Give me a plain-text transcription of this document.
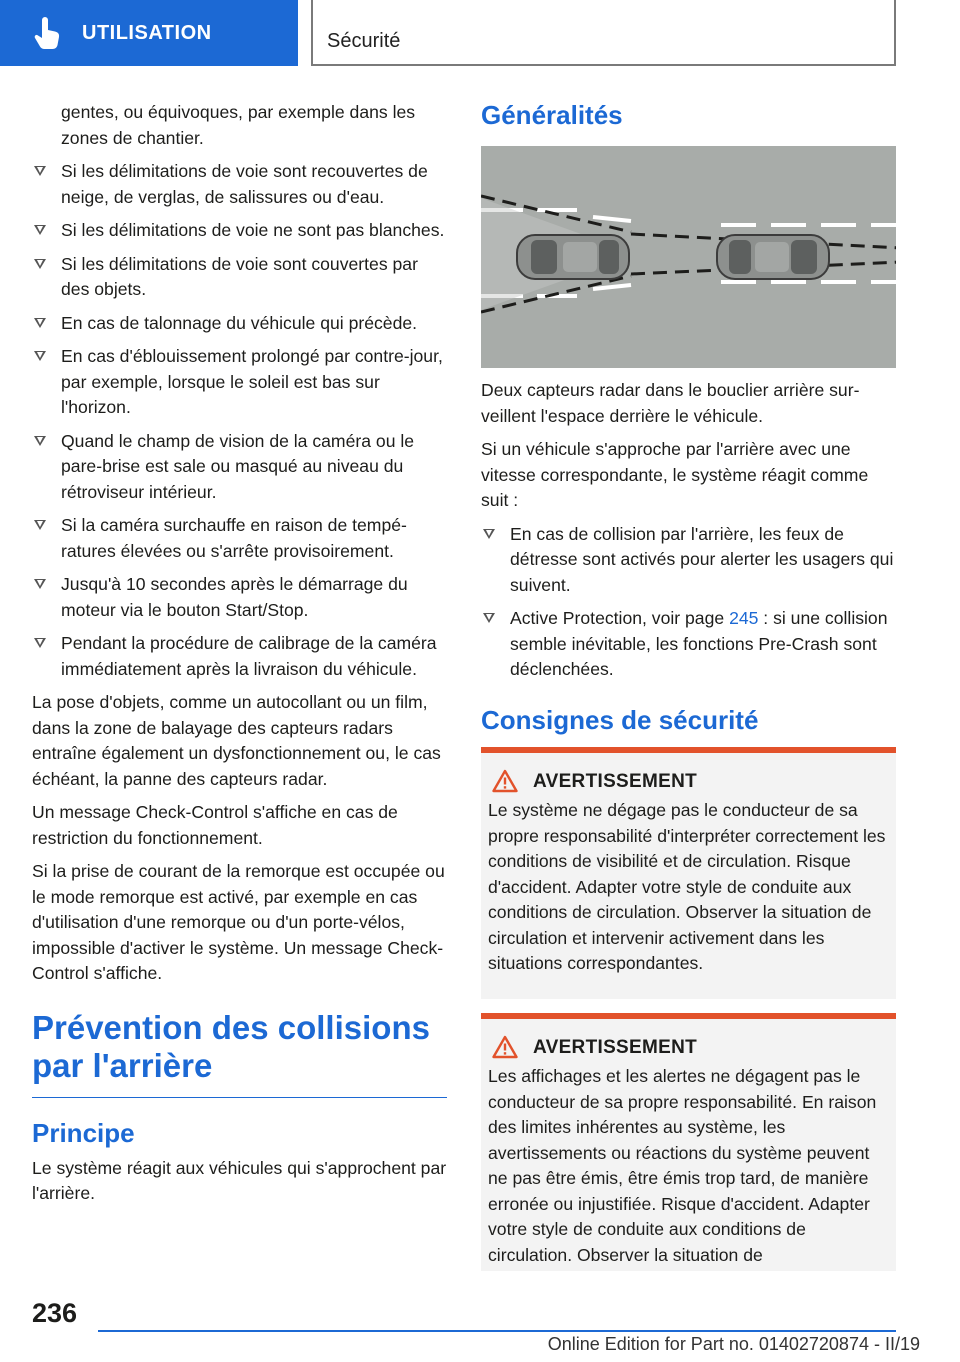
UTILISATION	Sécurité
gentes, ou équivoques, par exemple dans les zones de chantier.
Si les délimitations de voie sont recouvertes de neige, de verglas, de salissures ou d'eau.
Si les délimitations de voie ne sont pas blanches.
Si les délimitations de voie sont couvertes par des objets.
En cas de talonnage du véhicule qui précède.
En cas d'éblouissement prolongé par contre-jour, par exemple, lorsque le soleil est bas sur l'horizon.
Quand le champ de vision de la caméra ou le pare-brise est sale ou masqué au niveau du rétroviseur intérieur.
Si la caméra surchauffe en raison de températures élevées ou s'arrête provisoirement.
Jusqu'à 10 secondes après le démarrage du moteur via le bouton Start/Stop.
Pendant la procédure de calibrage de la caméra immédiatement après la livraison du véhicule.
La pose d'objets, comme un autocollant ou un film, dans la zone de balayage des capteurs radars entraîne également un dysfonctionnement ou, le cas échéant, la panne des capteurs radar.
Un message Check-Control s'affiche en cas de restriction du fonctionnement.
Si la prise de courant de la remorque est occupée ou le mode remorque est activé, par exemple en cas d'utilisation d'une remorque ou d'un porte-vélos, impossible d'activer le système. Un message Check-Control s'affiche.
Prévention des collisions par l'arrière
Principe
Le système réagit aux véhicules qui s'approchent par l'arrière.
Généralités
Deux capteurs radar dans le bouclier arrière surveillent l'espace derrière le véhicule.
Si un véhicule s'approche par l'arrière avec une vitesse correspondante, le système réagit comme suit :
En cas de collision par l'arrière, les feux de détresse sont activés pour alerter les usagers qui suivent.
Active Protection, voir page 245 : si une collision semble inévitable, les fonctions Pre-Crash sont déclenchées.
Consignes de sécurité
AVERTISSEMENT
Le système ne dégage pas le conducteur de sa propre responsabilité d'interpréter correctement les conditions de visibilité et de circulation. Risque d'accident. Adapter votre style de conduite aux conditions de circulation. Observer la situation de circulation et intervenir activement dans les situations correspondantes.
AVERTISSEMENT
Les affichages et les alertes ne dégagent pas le conducteur de sa propre responsabilité. En raison des limites inhérentes au système, les avertissements ou réactions du système peuvent ne pas être émis, être émis trop tard, de manière erronée ou injustifiée. Risque d'accident. Adapter votre style de conduite aux conditions de circulation. Observer la situation de
236
Online Edition for Part no. 01402720874 - II/19
